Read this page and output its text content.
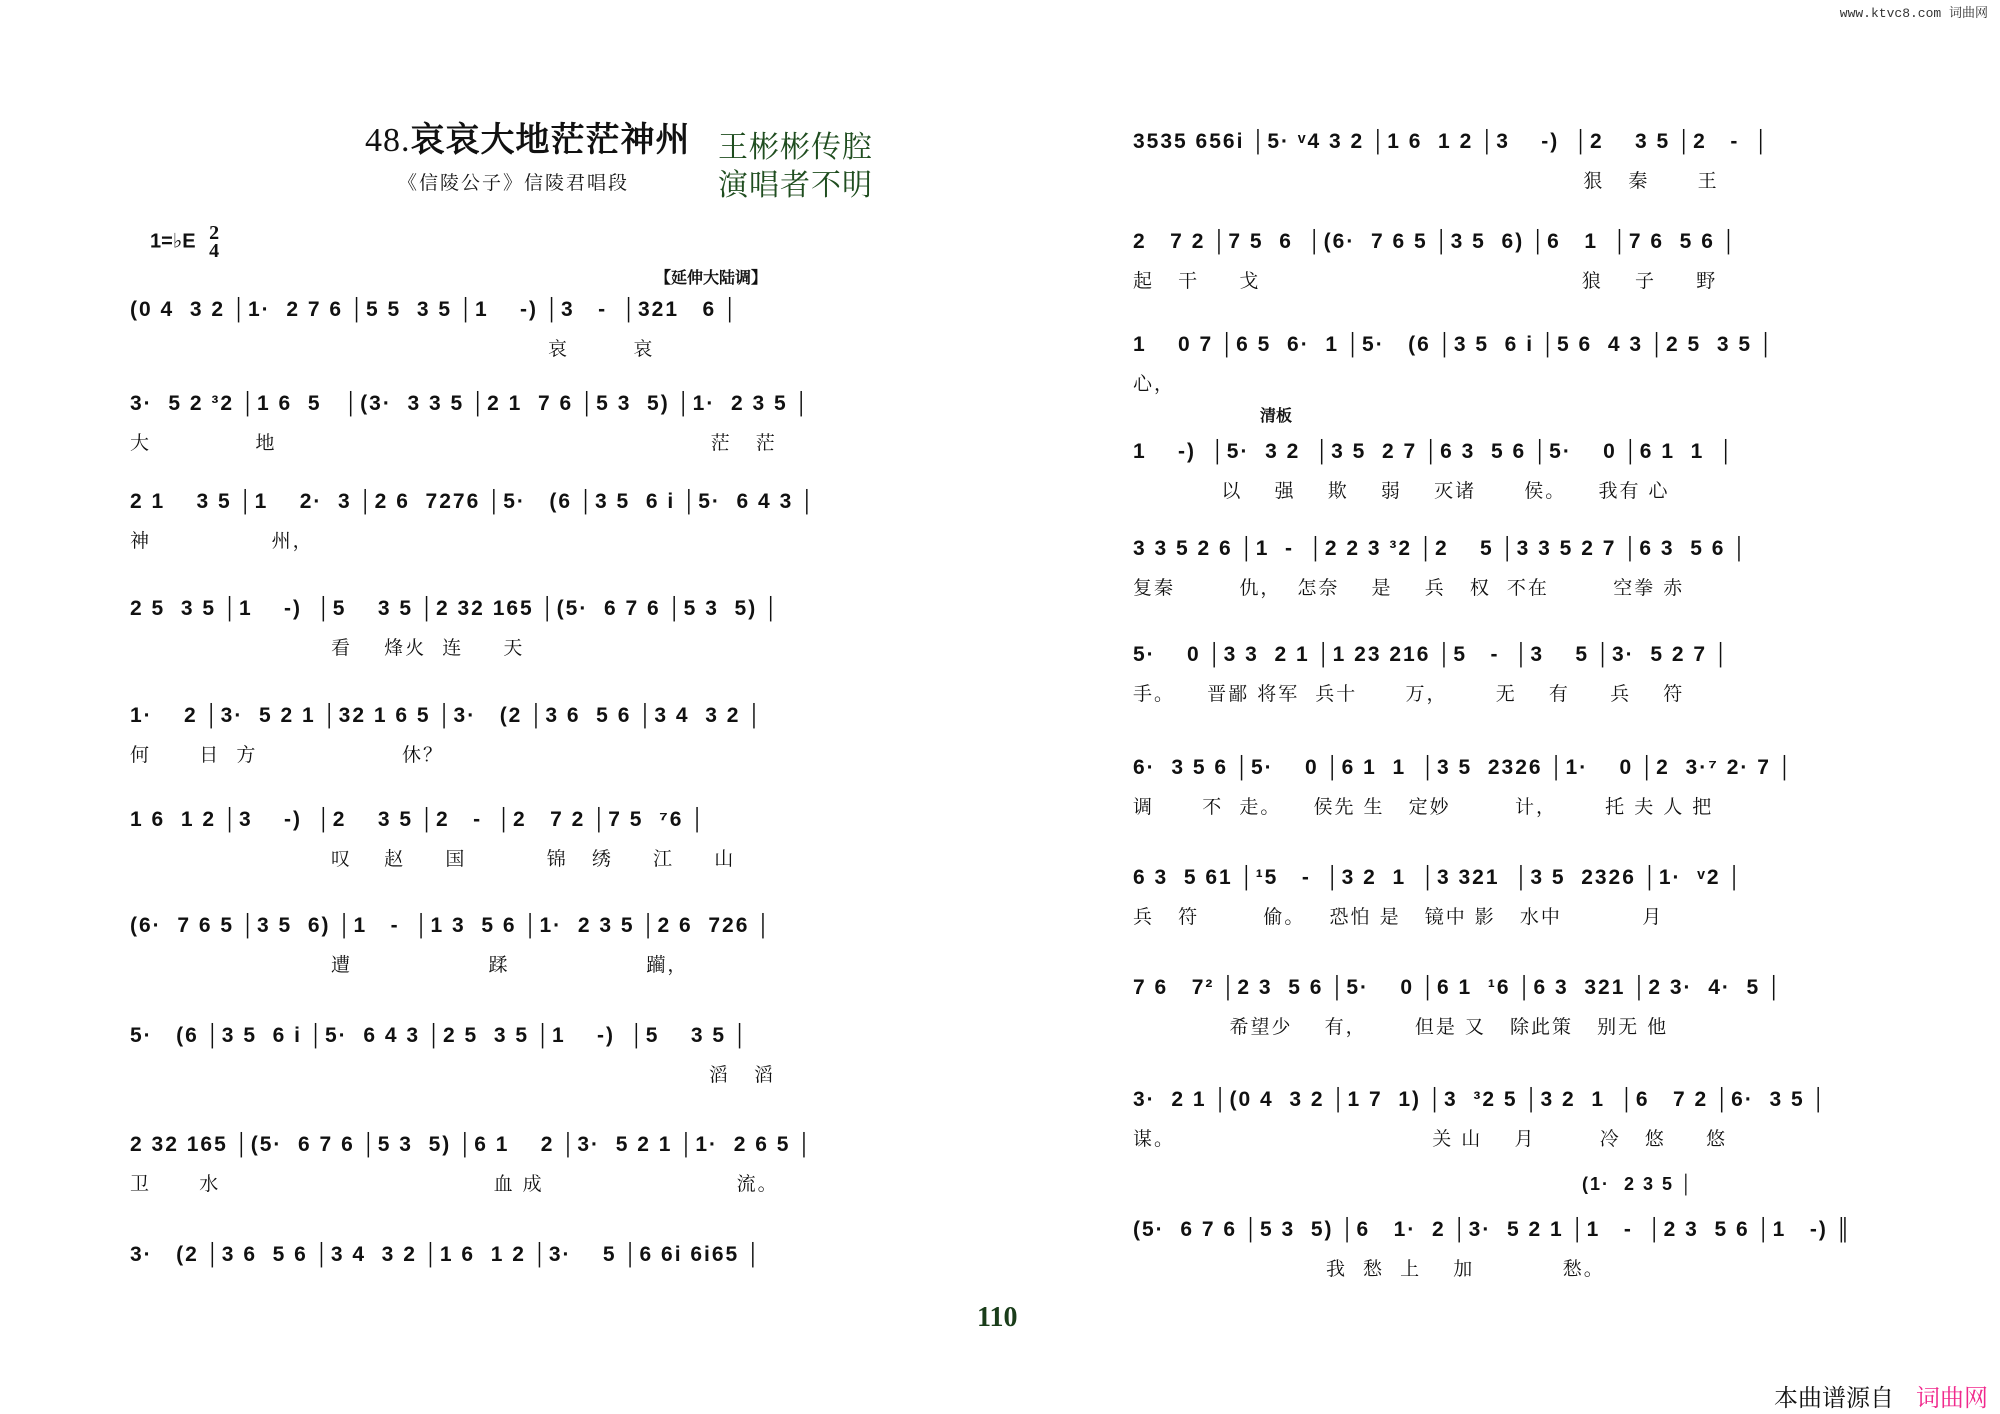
www.ktvc8.com 词曲网
48.哀哀大地茫茫神州
《信陵公子》信陵君唱段
王彬彬传腔
演唱者不明
1=♭E 2
4
【延伸大陆调】
(0 4  3 2 │1·  2 7 6 │5 5  3 5 │1    -) │3   -  │321   6 │
哀        哀
3·  5 2 ³2 │1 6  5   │(3·  3 3 5 │2 1  7 6 │5 3  5) │1·  2 3 5 │
大             地                                                      茫   茫
2 1    3 5 │1    2·  3 │2 6  7276 │5·   (6 │3 5  6 i │5·  6 4 3 │
神               州，
2 5  3 5 │1    -)  │5    3 5 │2 32 165 │(5·  6 7 6 │5 3  5) │
看    烽火  连     天
1·    2 │3·  5 2 1 │32 1 6 5 │3·   (2 │3 6  5 6 │3 4  3 2 │
何      日  方                  休？
1 6  1 2 │3    -)  │2    3 5 │2   -  │2   7 2 │7 5  ⁷6 │
叹    赵     国          锦   绣     江     山
(6·  7 6 5 │3 5  6) │1   -  │1 3  5 6 │1·  2 3 5 │2 6  726 │
遭                 蹂                 躏，
5·   (6 │3 5  6 i │5·  6 4 3 │2 5  3 5 │1    -)  │5    3 5 │
滔   滔
2 32 165 │(5·  6 7 6 │5 3  5) │6 1    2 │3·  5 2 1 │1·  2 6 5 │
卫      水                                  血 成                        流。
3·   (2 │3 6  5 6 │3 4  3 2 │1 6  1 2 │3·    5 │6 6i 6i65 │
110
3535 656i │5· ᵛ4 3 2 │1 6  1 2 │3    -)  │2    3 5 │2   -  │
狠   秦      王
2   7 2 │7 5  6  │(6·  7 6 5 │3 5  6) │6   1  │7 6  5 6 │
起   干     戈                                        狼    子     野
1    0 7 │6 5  6·  1 │5·   (6 │3 5  6 i │5 6  4 3 │2 5  3 5 │
心，
清板
1    -)  │5·  3 2  │3 5  2 7 │6 3  5 6 │5·    0 │6 1  1  │
以    强    欺    弱    灭诸      侯。    我有 心
3 3 5 2 6 │1  -  │2 2 3 ³2 │2    5 │3 3 5 2 7 │6 3  5 6 │
复秦        仇，  怎奈    是    兵   权  不在        空拳 赤
5·    0 │3 3  2 1 │1 23 216 │5   -  │3    5 │3·  5 2 7 │
手。    晋鄙 将军  兵十      万，      无    有     兵    符
6·  3 5 6 │5·    0 │6 1  1  │3 5  2326 │1·    0 │2  3·⁷ 2· 7 │
调      不  走。    侯先 生   定妙        计，      托 夫 人 把
6 3  5 61 │¹5   -  │3 2  1  │3 321  │3 5  2326 │1·  ᵛ2 │
兵   符        偷。   恐怕 是   镜中 影   水中          月
7 6   7² │2 3  5 6 │5·    0 │6 1  ¹6 │6 3  321 │2 3·  4·  5 │
希望少    有，      但是 又   除此策   别无 他
3·  2 1 │(0 4  3 2 │1 7  1) │3  ³2 5 │3 2  1  │6   7 2 │6·  3 5 │
谋。                                关 山    月        冷   悠     悠
(1·  2 3 5 │
(5·  6 7 6 │5 3  5) │6   1·  2 │3·  5 2 1 │1   -  │2 3  5 6 │1   -) ║
我  愁  上    加           愁。
本曲谱源自 词曲网
